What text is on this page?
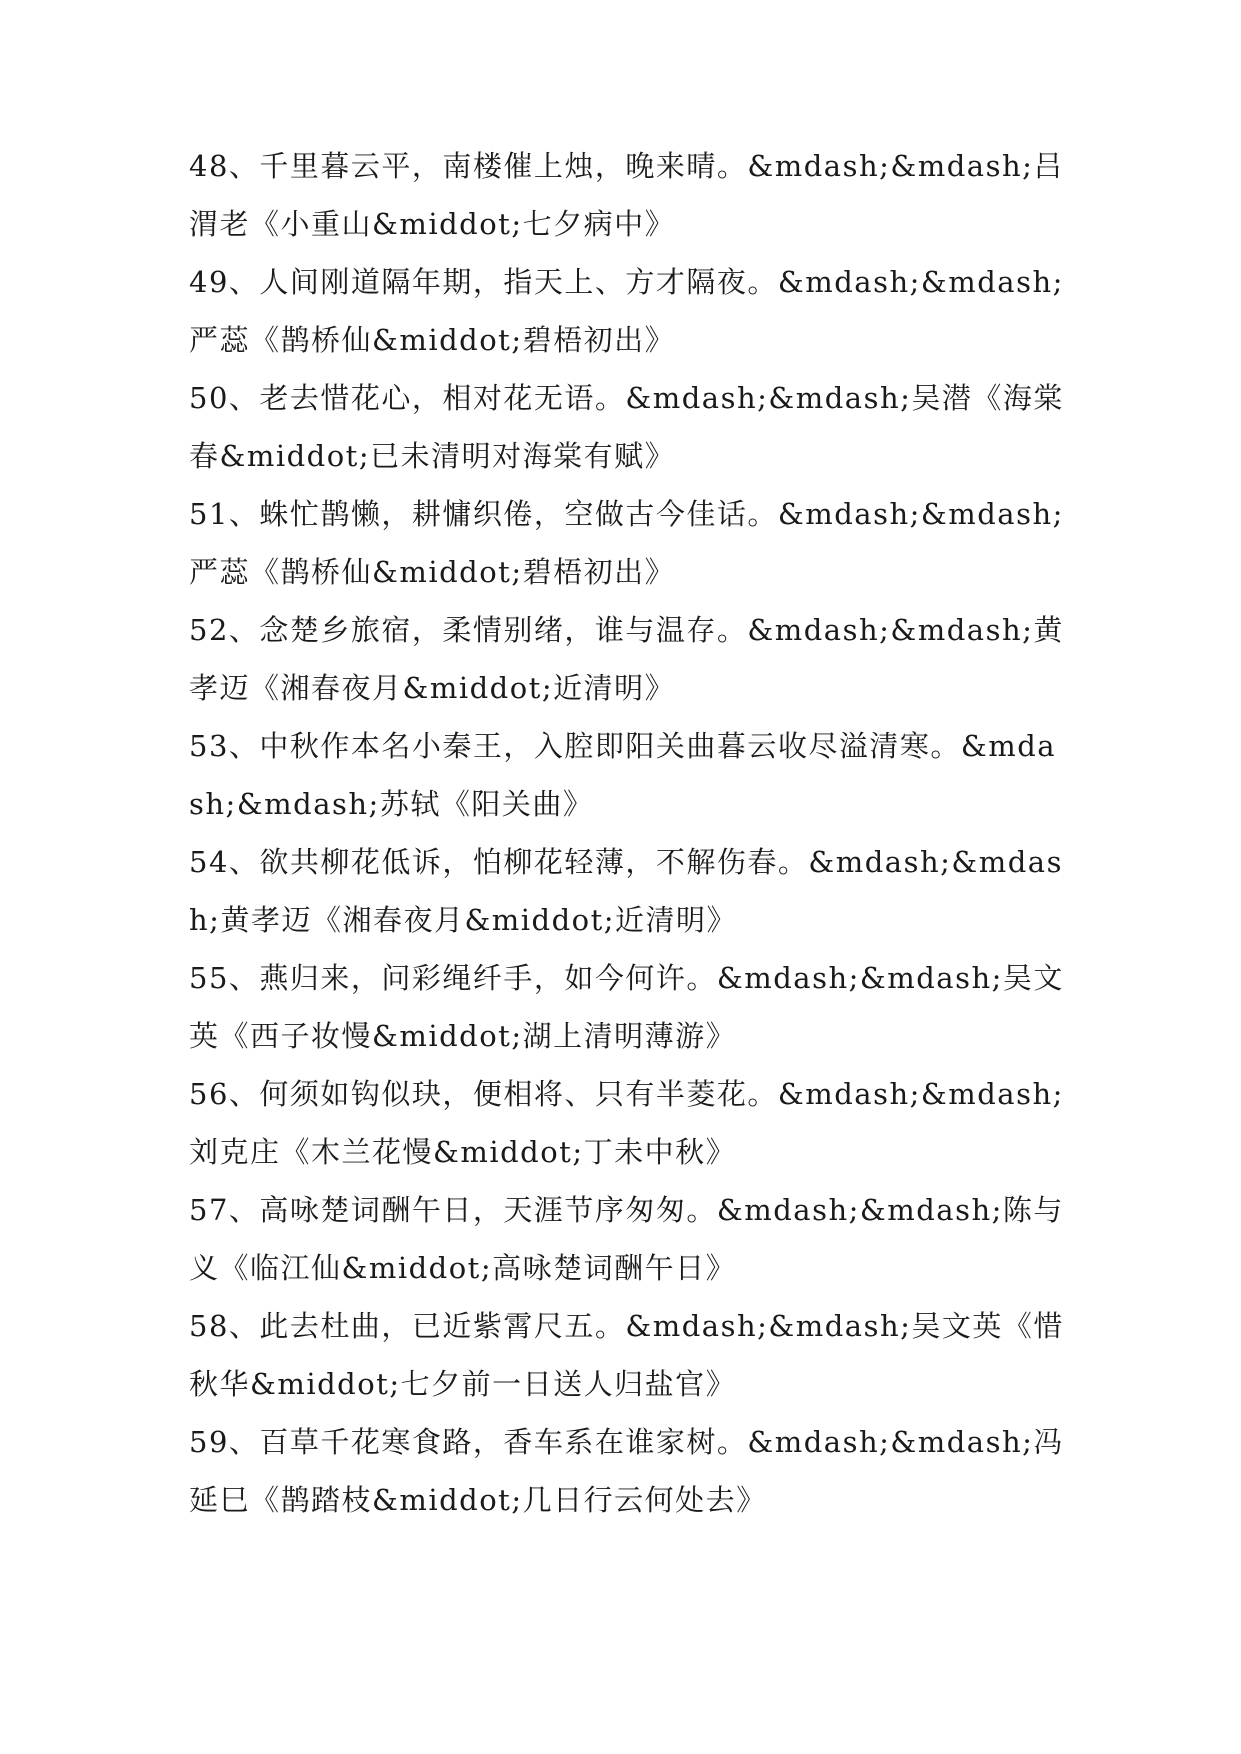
48、千里暮云平，南楼催上烛，晚来晴。&mdash;&mdash;吕渭老《小重山&middot;七夕病中》

49、人间刚道隔年期，指天上、方才隔夜。&mdash;&mdash;严蕊《鹊桥仙&middot;碧梧初出》

50、老去惜花心，相对花无语。&mdash;&mdash;吴潜《海棠春&middot;已未清明对海棠有赋》

51、蛛忙鹊懒，耕慵织倦，空做古今佳话。&mdash;&mdash;严蕊《鹊桥仙&middot;碧梧初出》

52、念楚乡旅宿，柔情别绪，谁与温存。&mdash;&mdash;黄孝迈《湘春夜月&middot;近清明》

53、中秋作本名小秦王，入腔即阳关曲暮云收尽溢清寒。&mdash;&mdash;苏轼《阳关曲》

54、欲共柳花低诉，怕柳花轻薄，不解伤春。&mdash;&mdash;黄孝迈《湘春夜月&middot;近清明》

55、燕归来，问彩绳纤手，如今何许。&mdash;&mdash;吴文英《西子妆慢&middot;湖上清明薄游》

56、何须如钩似玦，便相将、只有半菱花。&mdash;&mdash;刘克庄《木兰花慢&middot;丁未中秋》

57、高咏楚词酬午日，天涯节序匆匆。&mdash;&mdash;陈与义《临江仙&middot;高咏楚词酬午日》

58、此去杜曲，已近紫霄尺五。&mdash;&mdash;吴文英《惜秋华&middot;七夕前一日送人归盐官》

59、百草千花寒食路，香车系在谁家树。&mdash;&mdash;冯延巳《鹊踏枝&middot;几日行云何处去》
